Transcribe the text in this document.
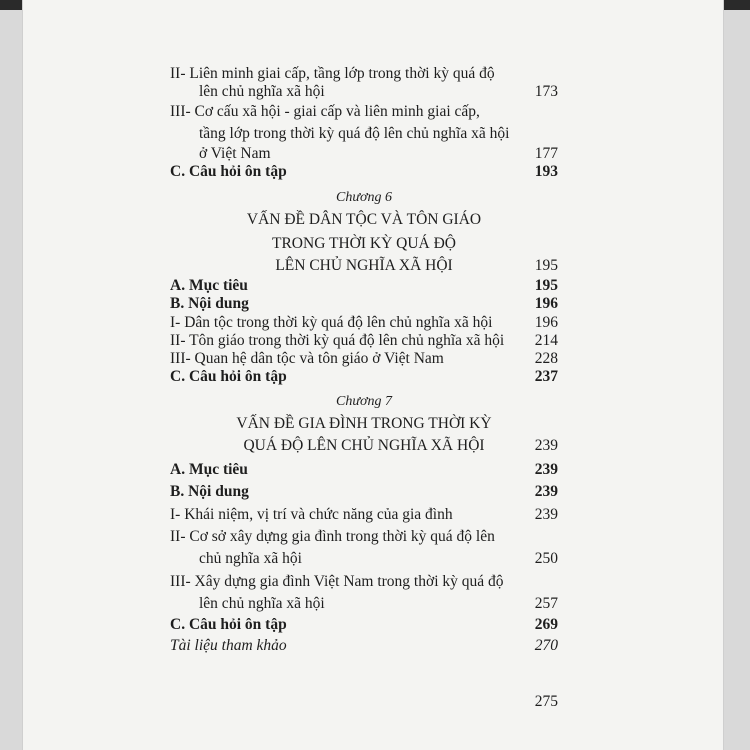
II- Liên minh giai cấp, tầng lớp trong thời kỳ quá độ
lên chủ nghĩa xã hội	173
III- Cơ cấu xã hội - giai cấp và liên minh giai cấp,
tầng lớp trong thời kỳ quá độ lên chủ nghĩa xã hội
ở Việt Nam	177
C. Câu hỏi ôn tập	193
Chương 6
VẤN ĐỀ DÂN TỘC VÀ TÔN GIÁO
TRONG THỜI KỲ QUÁ ĐỘ
LÊN CHỦ NGHĨA XÃ HỘI	195
A. Mục tiêu	195
B. Nội dung	196
I- Dân tộc trong thời kỳ quá độ lên chủ nghĩa xã hội	196
II- Tôn giáo trong thời kỳ quá độ lên chủ nghĩa xã hội 214
III- Quan hệ dân tộc và tôn giáo ở Việt Nam	228
C. Câu hỏi ôn tập	237
Chương 7
VẤN ĐỀ GIA ĐÌNH TRONG THỜI KỲ
QUÁ ĐỘ LÊN CHỦ NGHĨA XÃ HỘI	239
A. Mục tiêu	239
B. Nội dung	239
I- Khái niệm, vị trí và chức năng của gia đình	239
II- Cơ sở xây dựng gia đình trong thời kỳ quá độ lên
chủ nghĩa xã hội	250
III- Xây dựng gia đình Việt Nam trong thời kỳ quá độ
lên chủ nghĩa xã hội	257
C. Câu hỏi ôn tập	269
Tài liệu tham khảo	270
275
